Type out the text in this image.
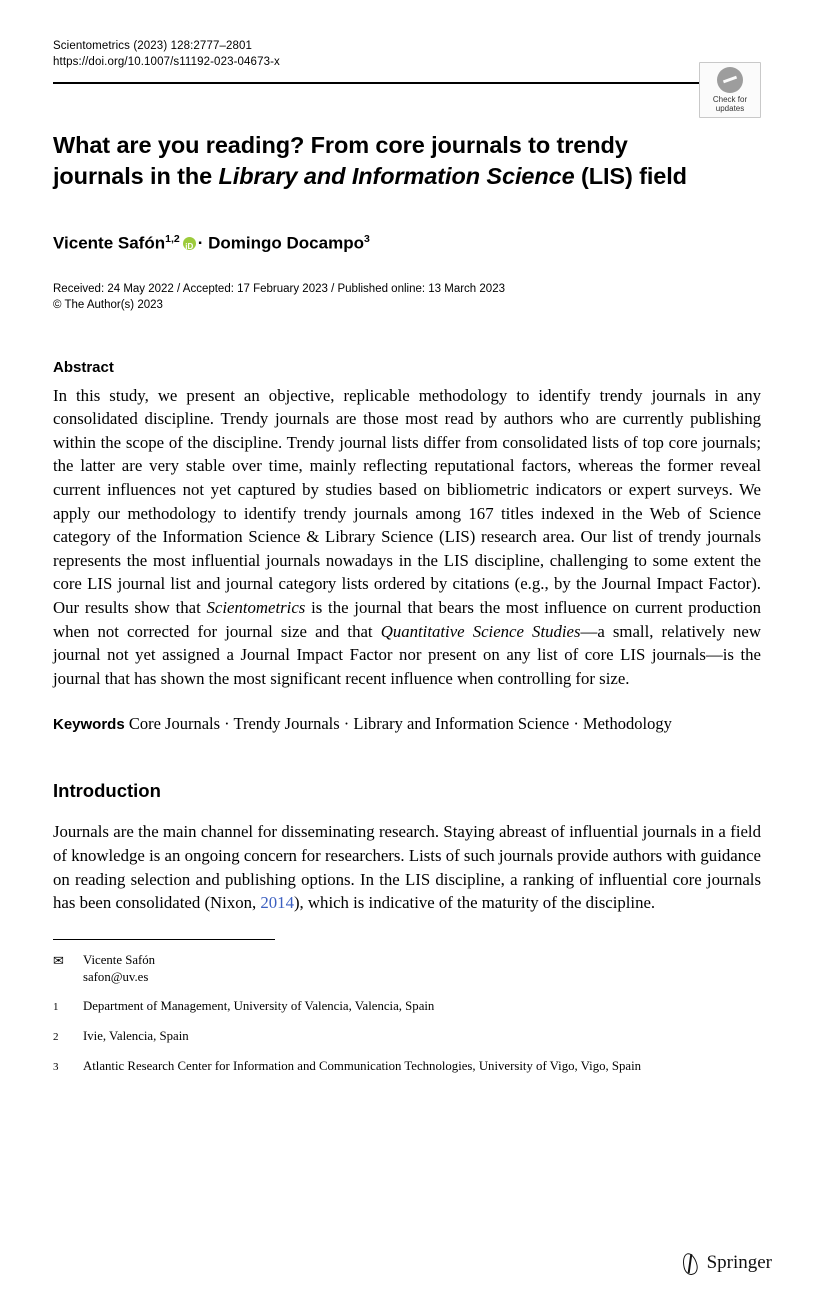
Scientometrics (2023) 128:2777–2801
https://doi.org/10.1007/s11192-023-04673-x
Check for
updates
What are you reading? From core journals to trendy journals in the Library and Information Science (LIS) field
Vicente Safón$^{1,2}$ iD · Domingo Docampo$^3$
Received: 24 May 2022 / Accepted: 17 February 2023 / Published online: 13 March 2023
© The Author(s) 2023
Abstract
In this study, we present an objective, replicable methodology to identify trendy journals in any consolidated discipline. Trendy journals are those most read by authors who are currently publishing within the scope of the discipline. Trendy journal lists differ from consolidated lists of top core journals; the latter are very stable over time, mainly reflecting reputational factors, whereas the former reveal current influences not yet captured by studies based on bibliometric indicators or expert surveys. We apply our methodology to identify trendy journals among 167 titles indexed in the Web of Science category of the Information Science & Library Science (LIS) research area. Our list of trendy journals represents the most influential journals nowadays in the LIS discipline, challenging to some extent the core LIS journal list and journal category lists ordered by citations (e.g., by the Journal Impact Factor). Our results show that Scientometrics is the journal that bears the most influence on current production when not corrected for journal size and that Quantitative Science Studies—a small, relatively new journal not yet assigned a Journal Impact Factor nor present on any list of core LIS journals—is the journal that has shown the most significant recent influence when controlling for size.
Keywords Core Journals · Trendy Journals · Library and Information Science · Methodology
Introduction
Journals are the main channel for disseminating research. Staying abreast of influential journals in a field of knowledge is an ongoing concern for researchers. Lists of such journals provide authors with guidance on reading selection and publishing options. In the LIS discipline, a ranking of influential core journals has been consolidated (Nixon, 2014), which is indicative of the maturity of the discipline.
✉	Vicente Safón
safon@uv.es
1	Department of Management, University of Valencia, Valencia, Spain
2	Ivie, Valencia, Spain
3	Atlantic Research Center for Information and Communication Technologies, University of Vigo, Vigo, Spain
Springer
